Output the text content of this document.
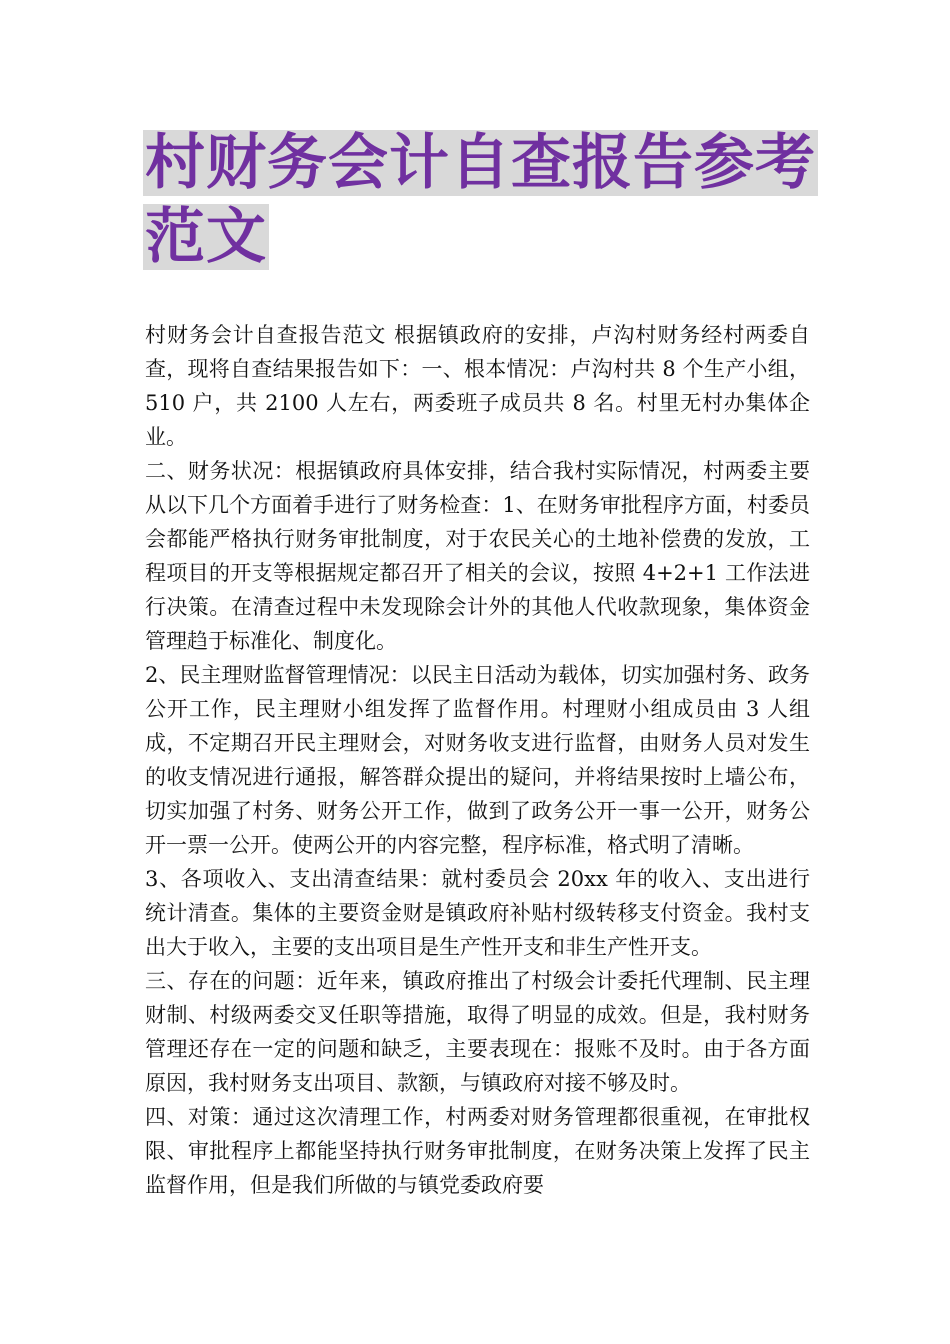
村财务会计自查报告参考
范文

村财务会计自查报告范文 根据镇政府的安排，卢沟村财务经村两委自查，现将自查结果报告如下：一、根本情况：卢沟村共 8 个生产小组，510 户，共 2100 人左右，两委班子成员共 8 名。村里无村办集体企业。

二、财务状况：根据镇政府具体安排，结合我村实际情况，村两委主要从以下几个方面着手进行了财务检查：1、在财务审批程序方面，村委员会都能严格执行财务审批制度，对于农民关心的土地补偿费的发放，工程项目的开支等根据规定都召开了相关的会议，按照 4+2+1 工作法进行决策。在清查过程中未发现除会计外的其他人代收款现象，集体资金管理趋于标准化、制度化。

2、民主理财监督管理情况：以民主日活动为载体，切实加强村务、政务公开工作，民主理财小组发挥了监督作用。村理财小组成员由 3 人组成，不定期召开民主理财会，对财务收支进行监督，由财务人员对发生的收支情况进行通报，解答群众提出的疑问，并将结果按时上墙公布，切实加强了村务、财务公开工作，做到了政务公开一事一公开，财务公开一票一公开。使两公开的内容完整，程序标准，格式明了清晰。

3、各项收入、支出清查结果：就村委员会 20xx 年的收入、支出进行统计清查。集体的主要资金财是镇政府补贴村级转移支付资金。我村支出大于收入，主要的支出项目是生产性开支和非生产性开支。

三、存在的问题：近年来，镇政府推出了村级会计委托代理制、民主理财制、村级两委交叉任职等措施，取得了明显的成效。但是，我村财务管理还存在一定的问题和缺乏，主要表现在：报账不及时。由于各方面原因，我村财务支出项目、款额，与镇政府对接不够及时。

四、对策：通过这次清理工作，村两委对财务管理都很重视，在审批权限、审批程序上都能坚持执行财务审批制度，在财务决策上发挥了民主监督作用，但是我们所做的与镇党委政府要
